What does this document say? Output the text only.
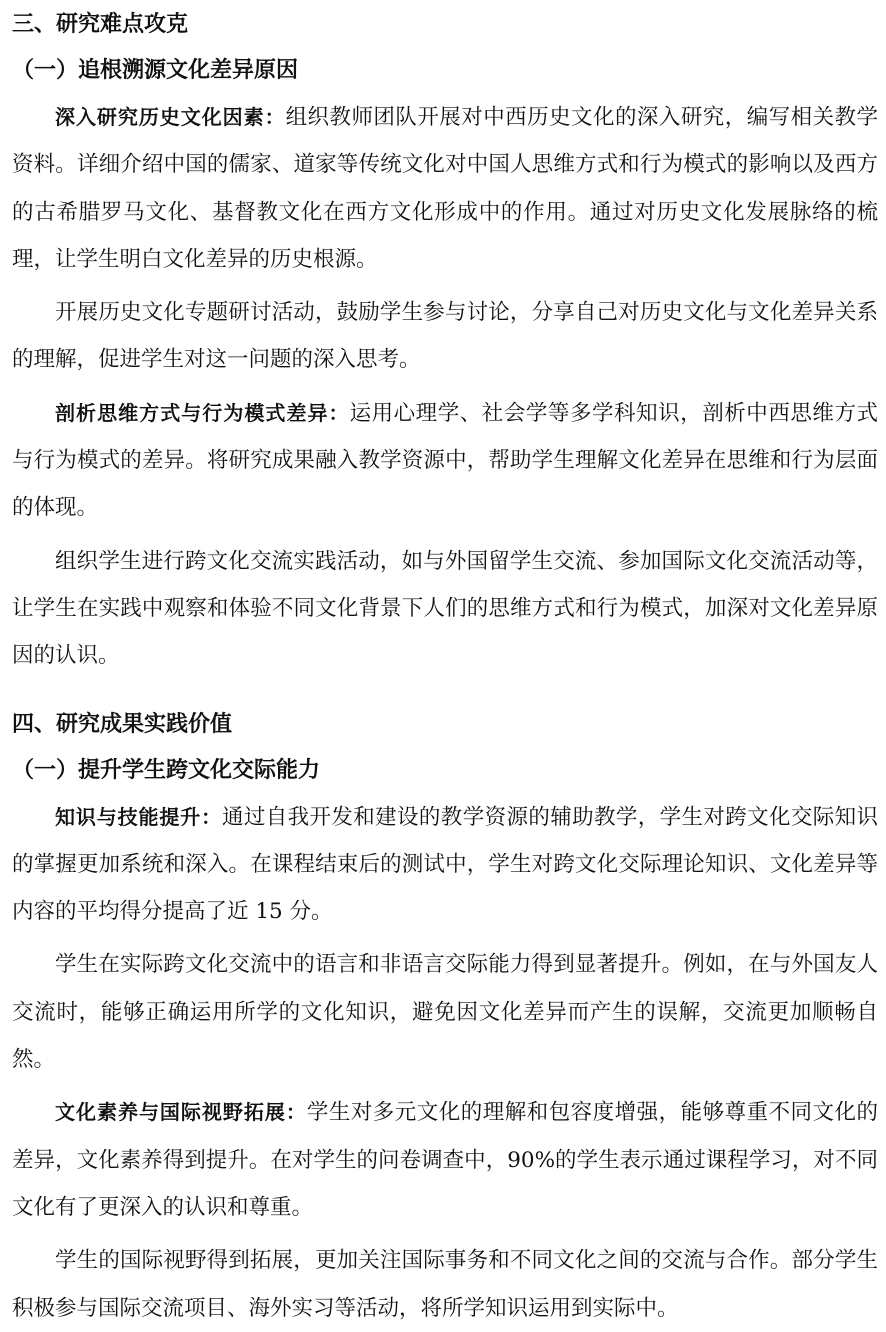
三、研究难点攻克
（一）追根溯源文化差异原因

深入研究历史文化因素：组织教师团队开展对中西历史文化的深入研究，编写相关教学资料。详细介绍中国的儒家、道家等传统文化对中国人思维方式和行为模式的影响以及西方的古希腊罗马文化、基督教文化在西方文化形成中的作用。通过对历史文化发展脉络的梳理，让学生明白文化差异的历史根源。

开展历史文化专题研讨活动，鼓励学生参与讨论，分享自己对历史文化与文化差异关系的理解，促进学生对这一问题的深入思考。

剖析思维方式与行为模式差异：运用心理学、社会学等多学科知识，剖析中西思维方式与行为模式的差异。将研究成果融入教学资源中，帮助学生理解文化差异在思维和行为层面的体现。

组织学生进行跨文化交流实践活动，如与外国留学生交流、参加国际文化交流活动等，让学生在实践中观察和体验不同文化背景下人们的思维方式和行为模式，加深对文化差异原因的认识。

四、研究成果实践价值
（一）提升学生跨文化交际能力

知识与技能提升：通过自我开发和建设的教学资源的辅助教学，学生对跨文化交际知识的掌握更加系统和深入。在课程结束后的测试中，学生对跨文化交际理论知识、文化差异等内容的平均得分提高了近 15 分。

学生在实际跨文化交流中的语言和非语言交际能力得到显著提升。例如，在与外国友人交流时，能够正确运用所学的文化知识，避免因文化差异而产生的误解，交流更加顺畅自然。

文化素养与国际视野拓展：学生对多元文化的理解和包容度增强，能够尊重不同文化的差异，文化素养得到提升。在对学生的问卷调查中，90%的学生表示通过课程学习，对不同文化有了更深入的认识和尊重。

学生的国际视野得到拓展，更加关注国际事务和不同文化之间的交流与合作。部分学生积极参与国际交流项目、海外实习等活动，将所学知识运用到实际中。
